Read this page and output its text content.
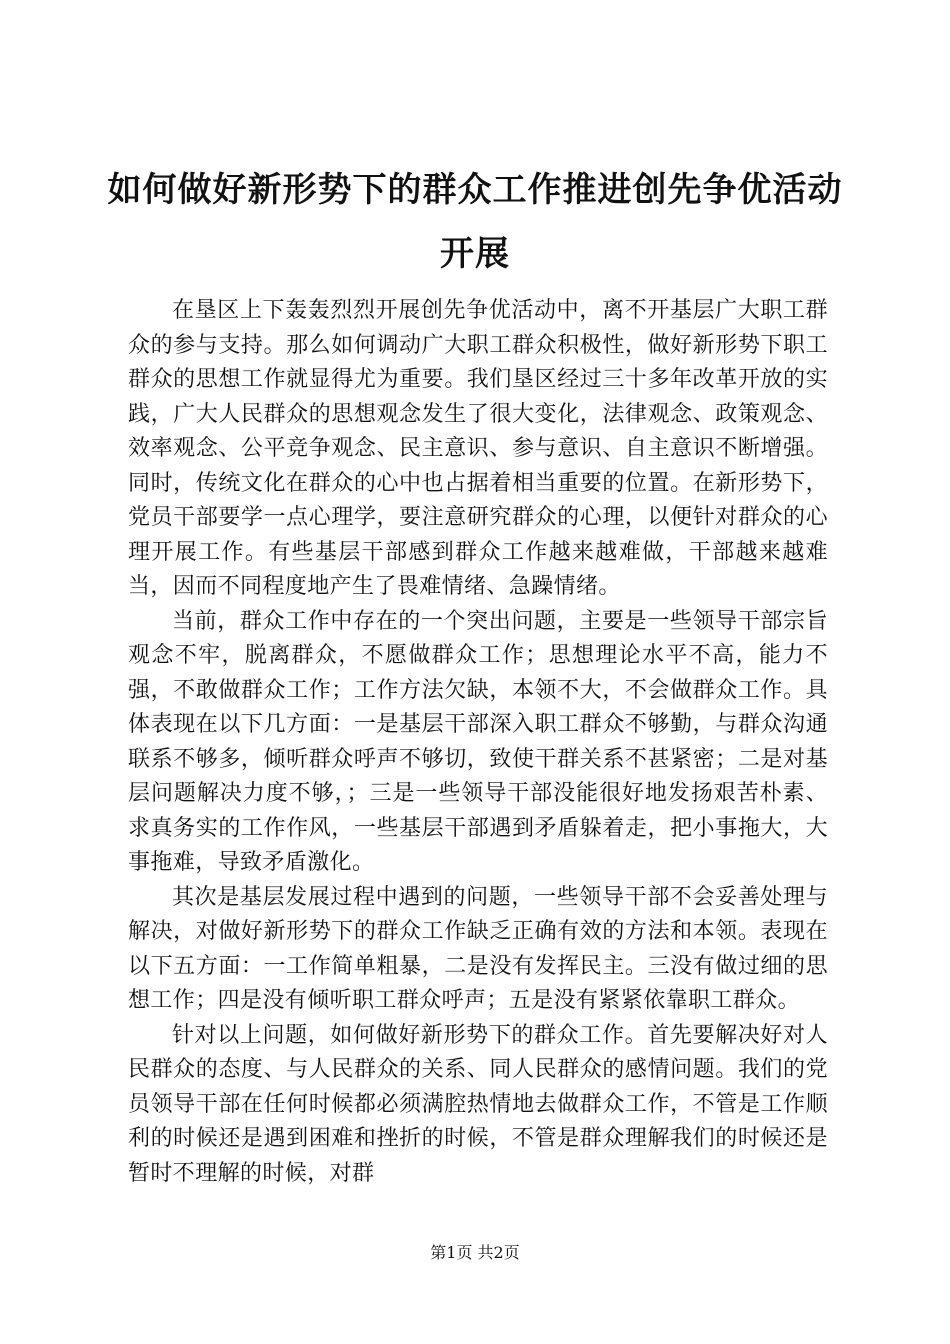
如何做好新形势下的群众工作推进创先争优活动开展

在垦区上下轰轰烈烈开展创先争优活动中，离不开基层广大职工群众的参与支持。那么如何调动广大职工群众积极性，做好新形势下职工群众的思想工作就显得尤为重要。我们垦区经过三十多年改革开放的实践，广大人民群众的思想观念发生了很大变化，法律观念、政策观念、效率观念、公平竞争观念、民主意识、参与意识、自主意识不断增强。同时，传统文化在群众的心中也占据着相当重要的位置。在新形势下，党员干部要学一点心理学，要注意研究群众的心理，以便针对群众的心理开展工作。有些基层干部感到群众工作越来越难做，干部越来越难当，因而不同程度地产生了畏难情绪、急躁情绪。

当前，群众工作中存在的一个突出问题，主要是一些领导干部宗旨观念不牢，脱离群众，不愿做群众工作；思想理论水平不高，能力不强，不敢做群众工作；工作方法欠缺，本领不大，不会做群众工作。具体表现在以下几方面：一是基层干部深入职工群众不够勤，与群众沟通联系不够多，倾听群众呼声不够切，致使干群关系不甚紧密；二是对基层问题解决力度不够，；三是一些领导干部没能很好地发扬艰苦朴素、求真务实的工作作风，一些基层干部遇到矛盾躲着走，把小事拖大，大事拖难，导致矛盾激化。

其次是基层发展过程中遇到的问题，一些领导干部不会妥善处理与解决，对做好新形势下的群众工作缺乏正确有效的方法和本领。表现在以下五方面：一工作简单粗暴，二是没有发挥民主。三没有做过细的思想工作；四是没有倾听职工群众呼声；五是没有紧紧依靠职工群众。

针对以上问题，如何做好新形势下的群众工作。首先要解决好对人民群众的态度、与人民群众的关系、同人民群众的感情问题。我们的党员领导干部在任何时候都必须满腔热情地去做群众工作，不管是工作顺利的时候还是遇到困难和挫折的时候，不管是群众理解我们的时候还是暂时不理解的时候，对群

第1页 共2页
